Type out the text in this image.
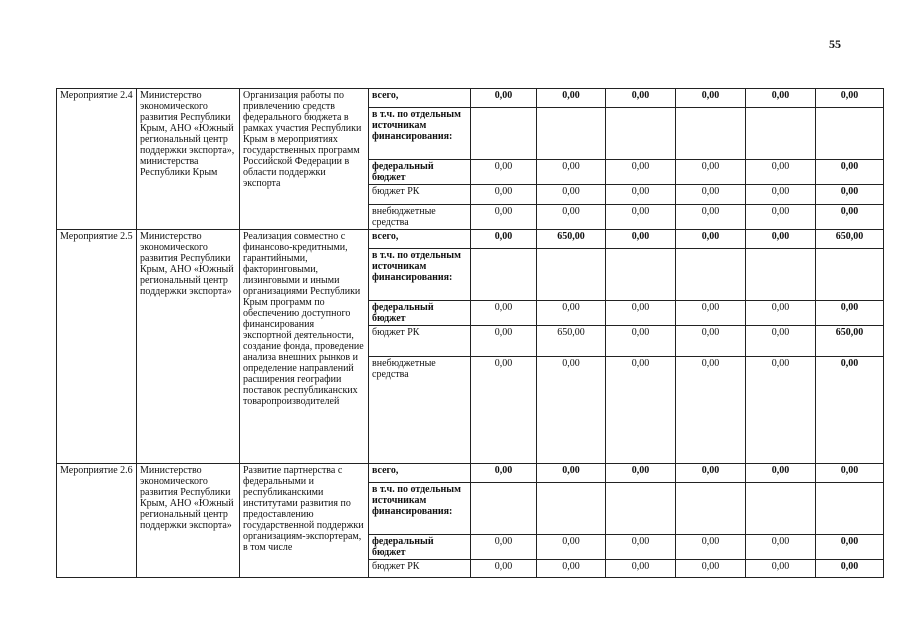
55
Мероприятие 2.4	Министерство экономического развития Республики Крым, АНО «Южный региональный центр поддержки экспорта», министерства Республики Крым	Организация работы по привлечению средств федерального бюджета в рамках участия Республики Крым в мероприятиях государственных программ Российской Федерации в области поддержки экспорта	всего,	0,00	0,00	0,00	0,00	0,00	0,00
			в т.ч. по отдельным источникам финансирования:						
			федеральный бюджет	0,00	0,00	0,00	0,00	0,00	0,00
			бюджет РК	0,00	0,00	0,00	0,00	0,00	0,00
			внебюджетные средства	0,00	0,00	0,00	0,00	0,00	0,00
Мероприятие 2.5	Министерство экономического развития Республики Крым, АНО «Южный региональный центр поддержки экспорта»	Реализация совместно с финансово-кредитными, гарантийными, факторинговыми, лизинговыми и иными организациями Республики Крым программ по обеспечению доступного финансирования экспортной деятельности, создание фонда, проведение анализа внешних рынков и определение направлений расширения географии поставок республиканских товаропроизводителей	всего,	0,00	650,00	0,00	0,00	0,00	650,00
			в т.ч. по отдельным источникам финансирования:						
			федеральный бюджет	0,00	0,00	0,00	0,00	0,00	0,00
			бюджет РК	0,00	650,00	0,00	0,00	0,00	650,00
			внебюджетные средства	0,00	0,00	0,00	0,00	0,00	0,00
Мероприятие 2.6	Министерство экономического развития Республики Крым, АНО «Южный региональный центр поддержки экспорта»	Развитие партнерства с федеральными и республиканскими институтами развития по предоставлению государственной поддержки организациям-экспортерам, в том числе	всего,	0,00	0,00	0,00	0,00	0,00	0,00
			в т.ч. по отдельным источникам финансирования:						
			федеральный бюджет	0,00	0,00	0,00	0,00	0,00	0,00
			бюджет РК	0,00	0,00	0,00	0,00	0,00	0,00
